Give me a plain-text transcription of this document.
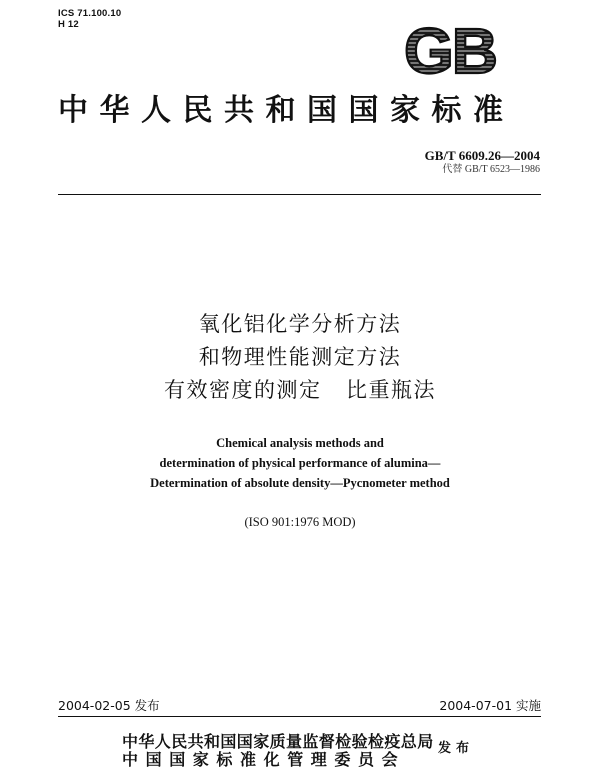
ICS 71.100.10
H 12	GB
中华人民共和国国家标准
GB/T 6609.26—2004
代替 GB/T 6523—1986
氧化铝化学分析方法
和物理性能测定方法
有效密度的测定   比重瓶法
Chemical analysis methods and
determination of physical performance of alumina—
Determination of absolute density—Pycnometer method
(ISO 901:1976 MOD)
2004-02-05 发布	2004-07-01 实施
中华人民共和国国家质量监督检验检疫总局
中国国家标准化管理委员会
发布
